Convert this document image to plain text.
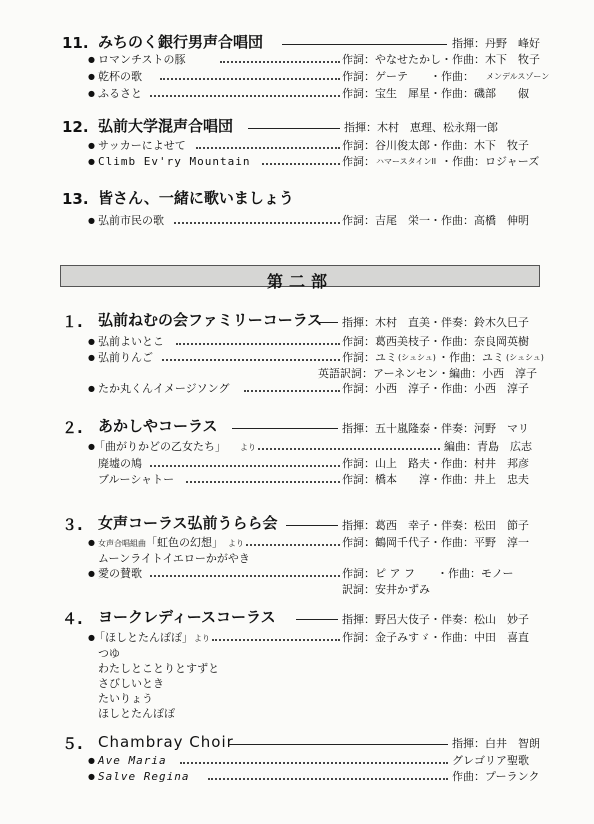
11. みちのく銀行男声合唱団	指揮：丹野　峰好
● ロマンチストの豚	作詞：やなせたかし・作曲：木下　牧子
● 乾杯の歌	作詞：ゲーテ　　・作曲： メンデルスゾーン
● ふるさと	作詞：宝生　犀星・作曲：磯部　　俶
12. 弘前大学混声合唱団	指揮：木村　恵理、松永翔一郎
● サッカーによせて	作詞：谷川俊太郎・作曲：木下　牧子
● Climb Ev'ry Mountain	作詞： ハマースタインII ・作曲：ロジャーズ
13. 皆さん、一緒に歌いましょう
● 弘前市民の歌	作詞：吉尾　栄一・作曲：高橋　伸明
第二部
１. 弘前ねむの会ファミリーコーラス 指揮：木村　直美・伴奏：鈴木久巳子
● 弘前よいとこ	作詞：葛西美枝子・作曲：奈良岡英樹
● 弘前りんご	作詞：ユミ (シュシュ) ・作曲：ユミ (シュシュ)
英語訳詞：アーネンセン・編曲：小西　淳子
● たか丸くんイメージソング	作詞：小西　淳子・作曲：小西　淳子
２. あかしやコーラス	指揮：五十嵐隆泰・伴奏：河野　マリ
● 「曲がりかどの乙女たち」 より	編曲：青島　広志
廃墟の鳩	作詞：山上　路夫・作曲：村井　邦彦
ブルーシャトー	作詞：橋本　　淳・作曲：井上　忠夫
３. 女声コーラス弘前うらら会	指揮：葛西　幸子・伴奏：松田　節子
● 女声合唱組曲 「虹色の幻想」 より	作詞：鶴岡千代子・作曲：平野　淳一
ムーンライトイエローかがやき
● 愛の賛歌	作詞：ピ ア フ　　・作曲：モノー
訳詞：安井かずみ
４. ヨークレディースコーラス	指揮：野呂大伎子・伴奏：松山　妙子
● 「ほしとたんぽぽ」 より	作詞：金子みすゞ・作曲：中田　喜直
つゆ
わたしとことりとすずと
さびしいとき
たいりょう
ほしとたんぽぽ
５. Chambray Choir	指揮：白井　智朗
● Ave Maria	グレゴリア聖歌
● Salve Regina	作曲：プーランク
